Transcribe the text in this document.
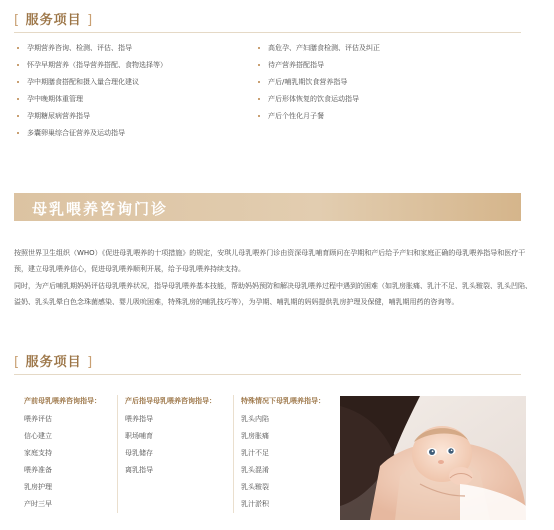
[ 服务项目 ]
孕期营养咨询、检测、评估、指导
怀孕早期营养（指导营养搭配、食物选择等）
孕中期膳食搭配和摄入量合理化建议
孕中晚期体重管理
孕期糖尿病营养指导
多囊卵巢综合征营养及运动指导
高危孕、产妇膳食检测、评估及纠正
待产营养搭配指导
产后/哺乳期饮食营养指导
产后形体恢复的饮食运动指导
产后个性化月子餐
母乳喂养咨询门诊

按照世界卫生组织（WHO）《促进母乳喂养的十项措施》的规定，安琪儿母乳喂养门诊由资深母乳哺育顾问在孕期和产后给予产妇和家庭正确的母乳喂养指导和医疗干预，建立母乳喂养信心，促进母乳喂养顺利开展，给予母乳喂养持续支持。

同时，为产后哺乳期妈妈评估母乳喂养状况，指导母乳喂养基本技能，帮助妈妈预防和解决母乳喂养过程中遇到的困难（如乳房胀痛、乳汁不足、乳头皲裂、乳头凹陷、溢奶、乳头乳晕白色念珠菌感染、婴儿吸吮困难，特殊乳房的哺乳技巧等），为孕期、哺乳期的妈妈提供乳房护理及保健，哺乳期用药的咨询等。

[ 服务项目 ]
产前母乳喂养咨询指导：
喂养评估
信心建立
家庭支持
喂养准备
乳房护理
产时三早
产后指导母乳喂养咨询指导：
喂养指导
职场哺育
母乳储存
离乳指导
特殊情况下母乳喂养指导：
乳头内陷
乳房胀痛
乳汁不足
乳头混淆
乳头皲裂
乳汁淤积
